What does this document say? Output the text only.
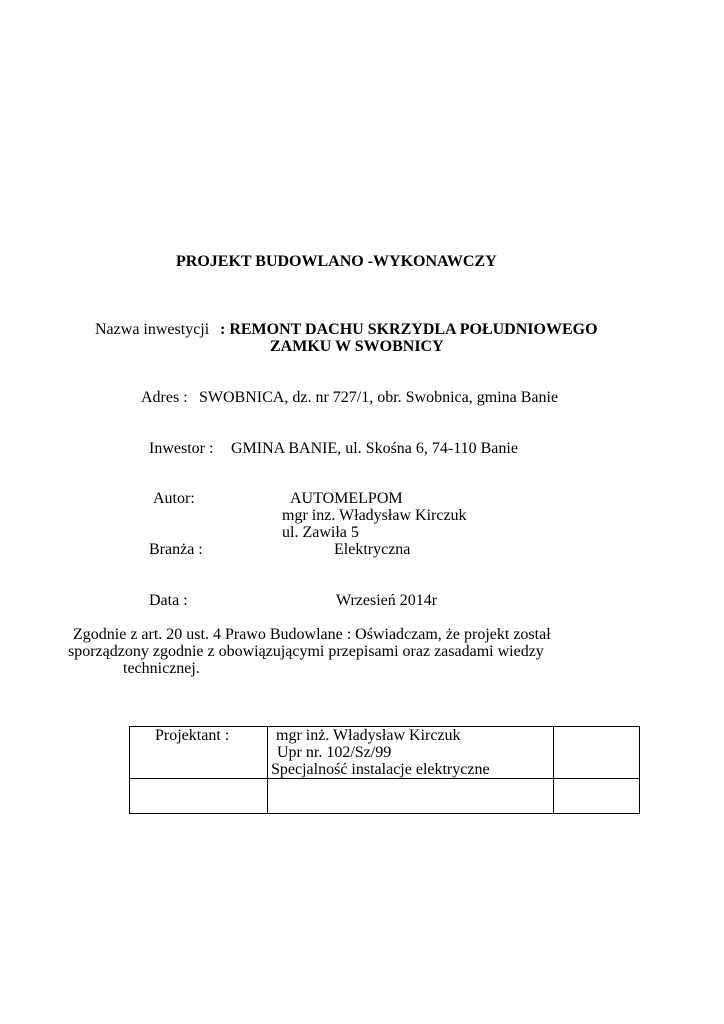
PROJEKT BUDOWLANO -WYKONAWCZY
Nazwa inwestycji : REMONT DACHU SKRZYDLA POŁUDNIOWEGO
ZAMKU W SWOBNICY
Adres : SWOBNICA, dz. nr 727/1, obr. Swobnica, gmina Banie
Inwestor : GMINA BANIE, ul. Skośna 6, 74-110 Banie
Autor:	AUTOMELPOM
mgr inz. Władysław Kirczuk
ul. Zawiła 5
Branża :	Elektryczna
Data :	Wrzesień 2014r
Zgodnie z art. 20 ust. 4 Prawo Budowlane : Oświadczam, że projekt został
sporządzony zgodnie z obowiązującymi przepisami oraz zasadami wiedzy
technicznej.
Projektant :	mgr inż. Władysław Kirczuk
Upr nr. 102/Sz/99
Specjalność instalacje elektryczne	
